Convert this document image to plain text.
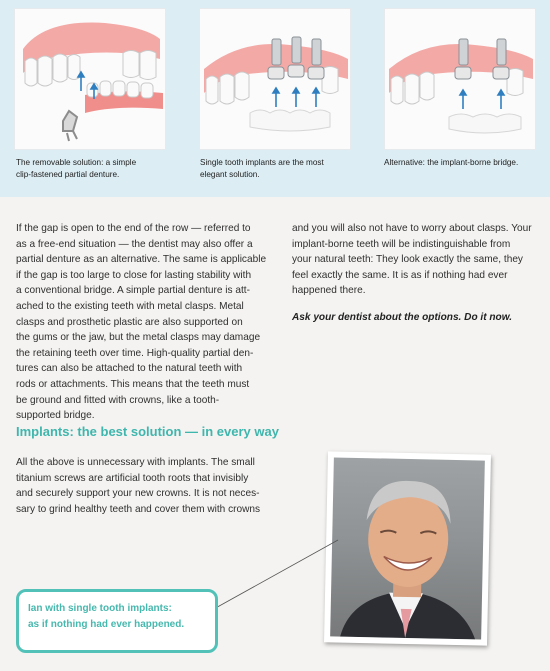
The removable solution: a simple
clip-fastened partial denture.
Single tooth implants are the most
elegant solution.
Alternative: the implant-borne bridge.
If the gap is open to the end of the row — referred to
as a free-end situation — the dentist may also offer a
partial denture as an alternative. The same is applicable
if the gap is too large to close for lasting stability with
a conventional bridge. A simple partial denture is att-
ached to the existing teeth with metal clasps. Metal
clasps and prosthetic plastic are also supported on
the gums or the jaw, but the metal clasps may damage
the retaining teeth over time. High-quality partial den-
tures can also be attached to the natural teeth with
rods or attachments. This means that the teeth must
be ground and fitted with crowns, like a tooth-
supported bridge.
Implants: the best solution — in every way
All the above is unnecessary with implants. The small
titanium screws are artificial tooth roots that invisibly
and securely support your new crowns. It is not neces-
sary to grind healthy teeth and cover them with crowns
and you will also not have to worry about clasps. Your
implant-borne teeth will be indistinguishable from
your natural teeth: They look exactly the same, they
feel exactly the same. It is as if nothing had ever
happened there.
Ask your dentist about the options. Do it now.
Ian with single tooth implants:
as if nothing had ever happened.
